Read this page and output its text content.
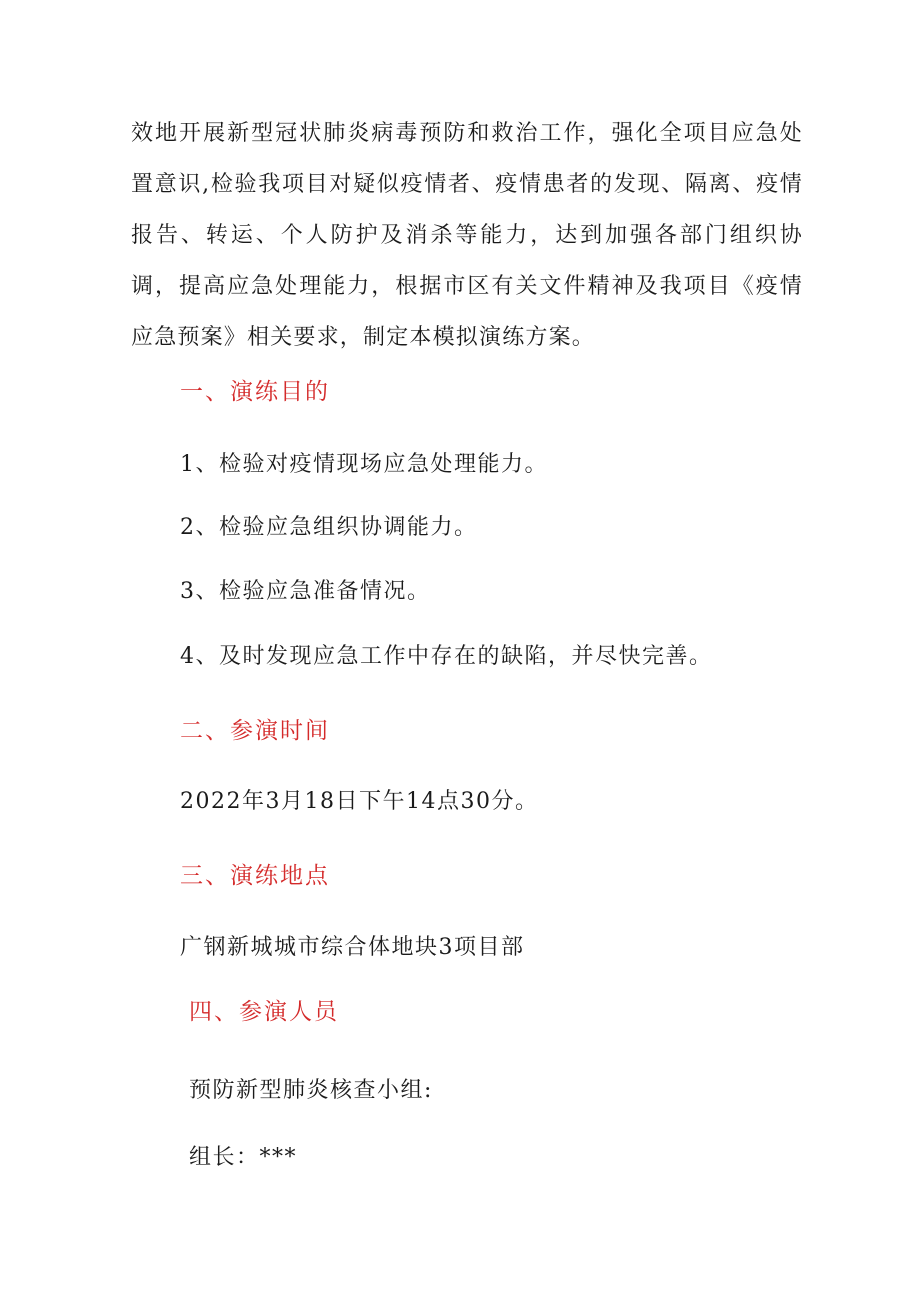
效地开展新型冠状肺炎病毒预防和救治工作，强化全项目应急处置意识,检验我项目对疑似疫情者、疫情患者的发现、隔离、疫情报告、转运、个人防护及消杀等能力，达到加强各部门组织协调，提高应急处理能力，根据市区有关文件精神及我项目《疫情应急预案》相关要求，制定本模拟演练方案。

一、演练目的

1、检验对疫情现场应急处理能力。

2、检验应急组织协调能力。

3、检验应急准备情况。

4、及时发现应急工作中存在的缺陷，并尽快完善。

二、参演时间

2022年3月18日下午14点30分。

三、演练地点

广钢新城城市综合体地块3项目部

四、参演人员

预防新型肺炎核查小组:

组长：***
